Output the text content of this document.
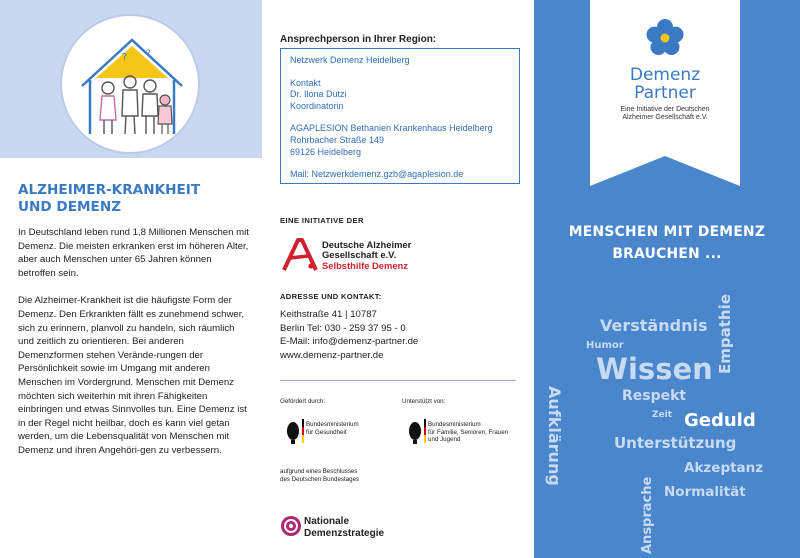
? ?
ALZHEIMER-KRANKHEIT
UND DEMENZ

In Deutschland leben rund 1,8 Millionen Menschen mit Demenz. Die meisten erkranken erst im höheren Alter, aber auch Menschen unter 65 Jahren können betroffen sein.

Die Alzheimer-Krankheit ist die häufigste Form der Demenz. Den Erkrankten fällt es zunehmend schwer, sich zu erinnern, planvoll zu handeln, sich räumlich und zeitlich zu orientieren. Bei anderen Demenzformen stehen Verände-rungen der Persönlichkeit sowie im Umgang mit anderen Menschen im Vordergrund. Menschen mit Demenz möchten sich weiterhin mit ihren Fähigkeiten einbringen und etwas Sinnvolles tun. Eine Demenz ist in der Regel nicht heilbar, doch es kann viel getan werden, um die Lebensqualität von Menschen mit Demenz und ihren Angehöri-gen zu verbessern.

Ansprechperson in Ihrer Region:
Netzwerk Demenz Heidelberg
Kontakt
Dr. Ilona Dutzi
Koordinatorin
AGAPLESION Bethanien Krankenhaus Heidelberg
Rohrbacher Straße 149
69126 Heidelberg
Mail: Netzwerkdemenz.gzb@agaplesion.de
EINE INITIATIVE DER
Deutsche Alzheimer
Gesellschaft e.V.
Selbsthilfe Demenz
ADRESSE UND KONTAKT:
Keithstraße 41 | 10787
Berlin Tel: 030 - 259 37 95 - 0
E-Mail: info@demenz-partner.de
www.demenz-partner.de
Gefördert durch:
Bundesministerium
für Gesundheit
Unterstützt von:
Bundesministerium
für Familie, Senioren, Frauen
und Jugend
aufgrund eines Beschlusses
des Deutschen Bundestages
Nationale
Demenzstrategie
Demenz
Partner
Eine Initiative der Deutschen
Alzheimer Gesellschaft e.V.
MENSCHEN MIT DEMENZ
BRAUCHEN ...
Verständnis
Humor
Wissen Empathie
Respekt
Zeit Geduld
Aufklärung	Unterstützung
Akzeptanz
Normalität
Ansprache
